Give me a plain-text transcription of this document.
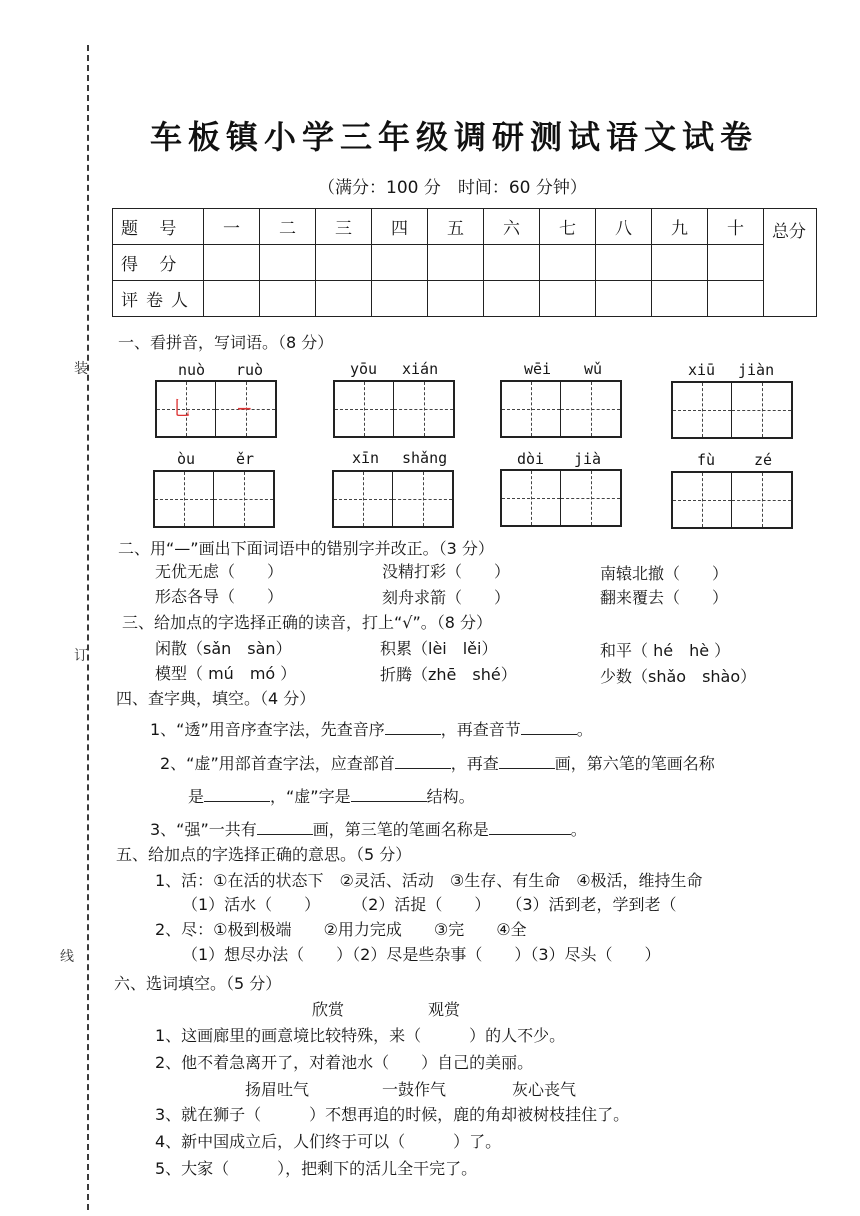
装
订
线
车板镇小学三年级调研测试语文试卷
（满分：100 分　时间：60 分钟）
题 号	一	二	三	四	五	六	七	八	九	十	总分
得 分											
评卷人											
一、看拼音，写词语。（8 分）
nuò ruò	yōu xián	wēi wǔ	xiū jiàn
⺃ −
òu	ěr	xīn shǎng	dòi jià	fù	zé
二、用“—”画出下面词语中的错别字并改正。（3 分）
无优无虑（　　）	没精打彩（　　）	南辕北撤（　　）
形态各导（　　）	刻舟求箭（　　）	翻来覆去（　　）
三、给加点的字选择正确的读音，打上“√”。（8 分）
闲散（sǎn　sàn）	积累（lèi　lěi）	和平（ hé　hè ）
模型（ mú　mó ）	折腾（zhē　shé）	少数（shǎo　shào）
四、查字典，填空。（4 分）
1、“透”用音序查字法，先查音序	，再查音节	。
2、“虚”用部首查字法，应查部首	，再查	画，第六笔的笔画名称
是	，“虚”字是	结构。
3、“强”一共有	画，第三笔的笔画名称是	。
五、给加点的字选择正确的意思。（5 分）
1、活：①在活的状态下　②灵活、活动　③生存、有生命　④极活，维持生命
（1）活水（　　）　　　（2）活捉（　　）　　（3）活到老，学到老（
2、尽：①极到极端　　②用力完成　　③完　　④全
（1）想尽办法（　　）（2）尽是些杂事（　　）（3）尽头（　　）
六、选词填空。（5 分）
欣赏	观赏
1、这画廊里的画意境比较特殊，来（　　　）的人不少。
2、他不着急离开了，对着池水（　　）自己的美丽。
扬眉吐气	一鼓作气	灰心丧气
3、就在狮子（　　　）不想再追的时候，鹿的角却被树枝挂住了。
4、新中国成立后，人们终于可以（　　　）了。
5、大家（　　　），把剩下的活儿全干完了。
